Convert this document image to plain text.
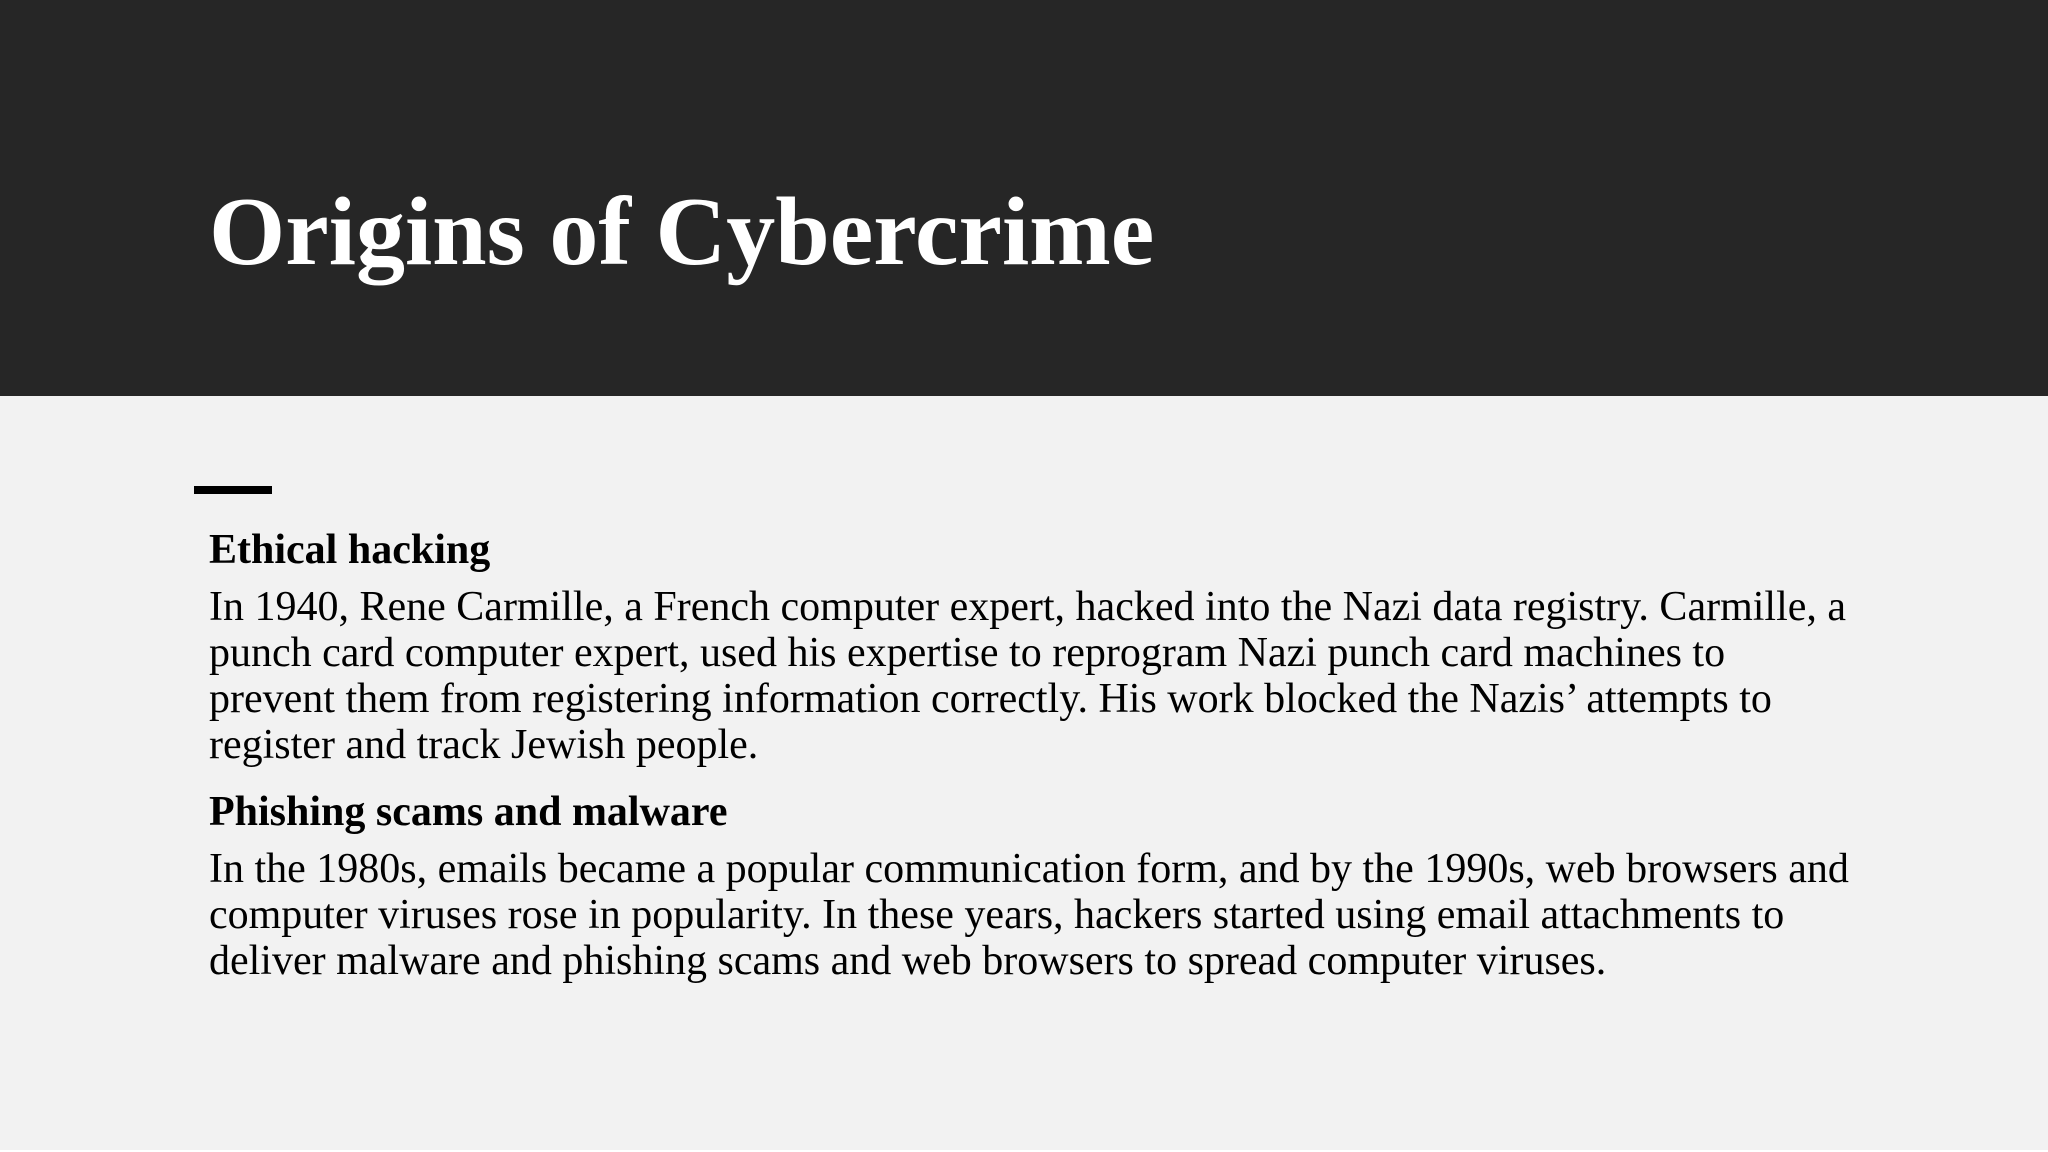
Origins of Cybercrime
Ethical hacking

In 1940, Rene Carmille, a French computer expert, hacked into the Nazi data registry. Carmille, a punch card computer expert, used his expertise to reprogram Nazi punch card machines to prevent them from registering information correctly. His work blocked the Nazis’ attempts to register and track Jewish people.

Phishing scams and malware

In the 1980s, emails became a popular communication form, and by the 1990s, web browsers and computer viruses rose in popularity. In these years, hackers started using email attachments to deliver malware and phishing scams and web browsers to spread computer viruses.
